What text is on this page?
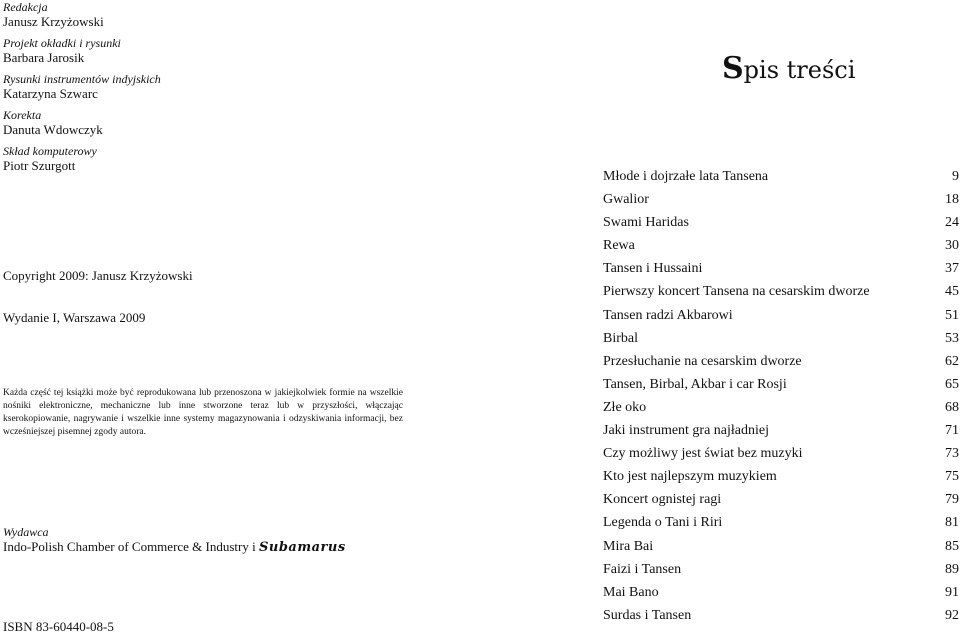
Redakcja
Janusz Krzyżowski
Projekt okładki i rysunki
Barbara Jarosik
Rysunki instrumentów indyjskich
Katarzyna Szwarc
Korekta
Danuta Wdowczyk
Skład komputerowy
Piotr Szurgott
Copyright 2009: Janusz Krzyżowski
Wydanie I, Warszawa 2009
Każda część tej książki może być reprodukowana lub przenoszona w jakiejkolwiek formie na wszelkie nośniki elektroniczne, mechaniczne lub inne stworzone teraz lub w przyszłości, włączając kserokopiowanie, nagrywanie i wszelkie inne systemy magazynowania i odzyskiwania informacji, bez wcześniejszej pisemnej zgody autora.
Wydawca
Indo-Polish Chamber of Commerce & Industry i Subamarus
ISBN 83-60440-08-5
Spis treści
Młode i dojrzałe lata Tansena	9
Gwalior	18
Swami Haridas	24
Rewa	30
Tansen i Hussaini	37
Pierwszy koncert Tansena na cesarskim dworze	45
Tansen radzi Akbarowi	51
Birbal	53
Przesłuchanie na cesarskim dworze	62
Tansen, Birbal, Akbar i car Rosji	65
Złe oko	68
Jaki instrument gra najładniej	71
Czy możliwy jest świat bez muzyki	73
Kto jest najlepszym muzykiem	75
Koncert ognistej ragi	79
Legenda o Tani i Riri	81
Mira Bai	85
Faizi i Tansen	89
Mai Bano	91
Surdas i Tansen	92
